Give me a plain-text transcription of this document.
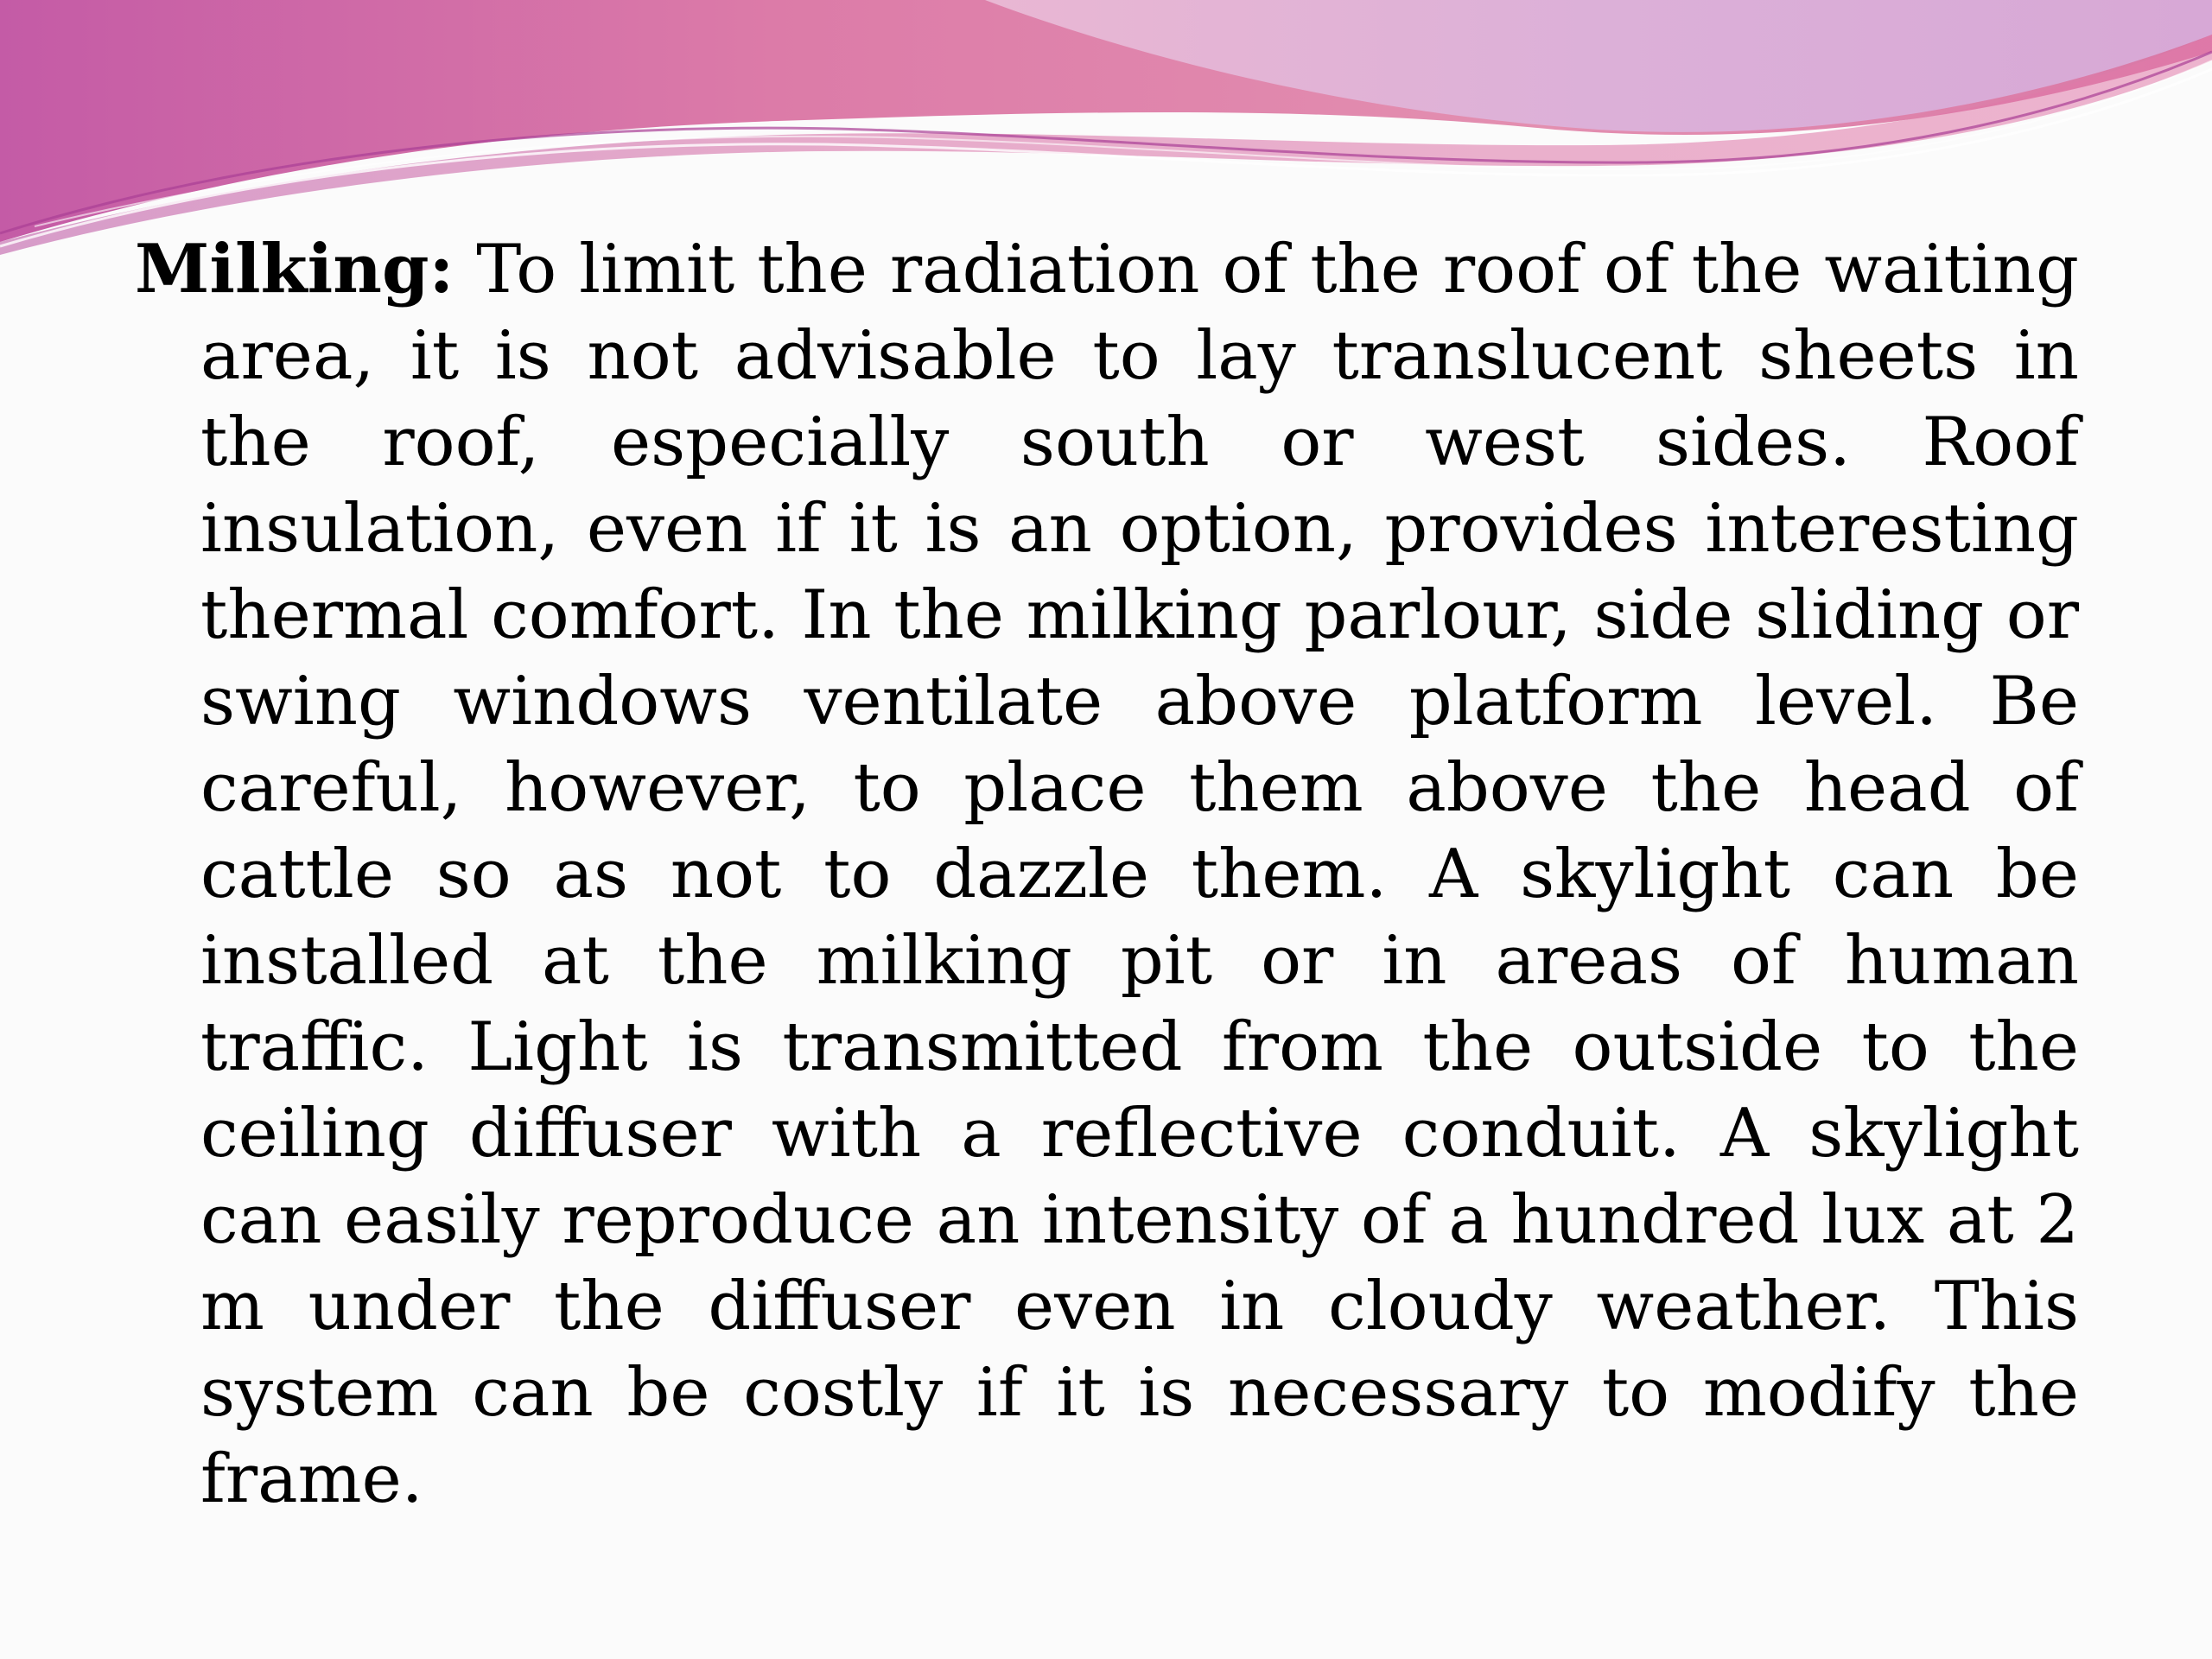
Milking: To limit the radiation of the roof of the waiting area, it is not advisable to lay translucent sheets in the roof, especially south or west sides. Roof insulation, even if it is an option, provides interesting thermal comfort. In the milking parlour, side sliding or swing windows ventilate above platform level. Be careful, however, to place them above the head of cattle so as not to dazzle them. A skylight can be installed at the milking pit or in areas of human traffic. Light is transmitted from the outside to the ceiling diffuser with a reflective conduit. A skylight can easily reproduce an intensity of a hundred lux at 2 m under the diffuser even in cloudy weather. This system can be costly if it is necessary to modify the frame.
